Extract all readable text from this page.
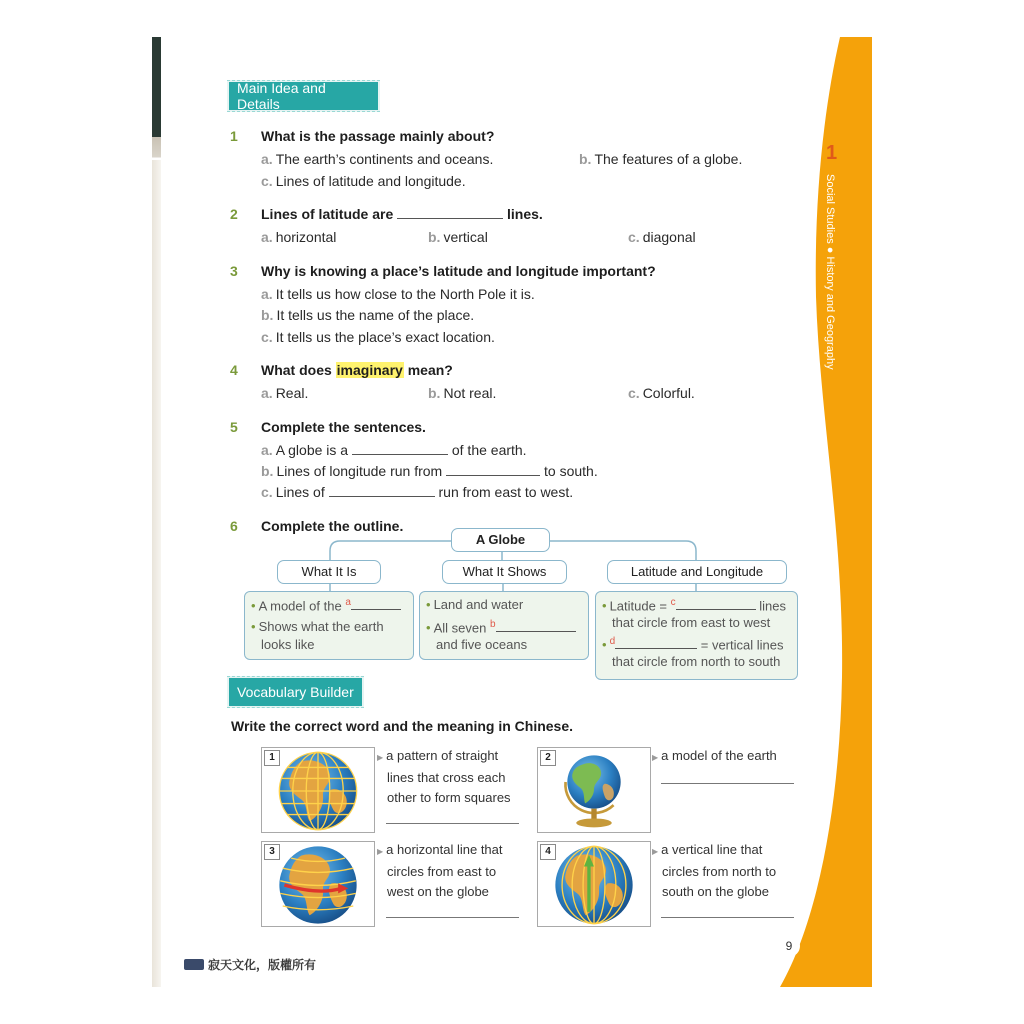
1
Social Studies ● History and Geography
Main Idea and Details
1 What is the passage mainly about?
a. The earth’s continents and oceans.	b. The features of a globe.
c. Lines of latitude and longitude.
2 Lines of latitude are	lines.
a. horizontal	b. vertical	c. diagonal
3 Why is knowing a place’s latitude and longitude important?
a. It tells us how close to the North Pole it is.
b. It tells us the name of the place.
c. It tells us the place’s exact location.
4 What does imaginary mean?
a. Real.	b. Not real.	c. Colorful.
5 Complete the sentences.
a. A globe is a	of the earth.
b. Lines of longitude run from	to south.
c. Lines of	run from east to west.
6 Complete the outline.
A Globe
What It Is	What It Shows	Latitude and Longitude
• A model of the $^a$
• Shows what the earth
looks like
• Land and water
• All seven $^b$
and five oceans
• Latitude = $^c$	lines
that circle from east to west
• $^d$	= vertical lines
that circle from north to south
Vocabulary Builder
Write the correct word and the meaning in Chinese.
1	▶ a pattern of straight
lines that cross each
other to form squares
2	▶ a model of the earth
3	▶ a horizontal line that
circles from east to
west on the globe
4	▶ a vertical line that
circles from north to
south on the globe
9
寂天文化，版權所有
